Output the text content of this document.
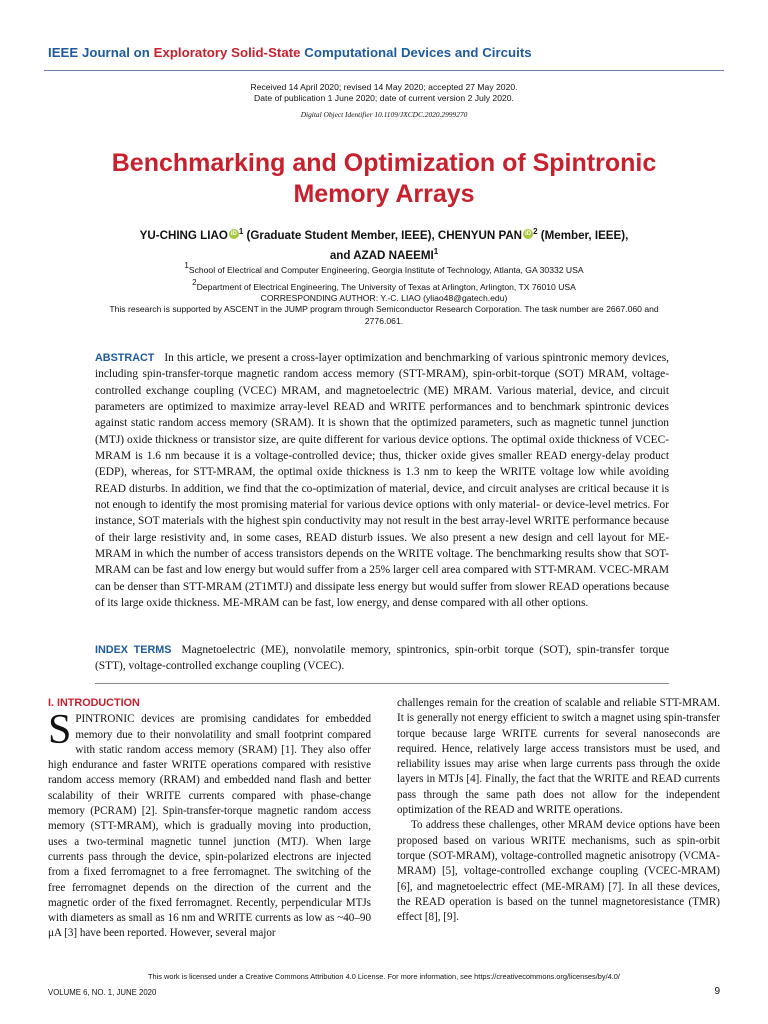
IEEE Journal on Exploratory Solid-State Computational Devices and Circuits
Received 14 April 2020; revised 14 May 2020; accepted 27 May 2020.
Date of publication 1 June 2020; date of current version 2 July 2020.
Digital Object Identifier 10.1109/JXCDC.2020.2999270
Benchmarking and Optimization of Spintronic Memory Arrays
YU-CHING LIAO iD $^1$ (Graduate Student Member, IEEE), CHENYUN PAN iD $^2$ (Member, IEEE),
and AZAD NAEEMI$^1$
1School of Electrical and Computer Engineering, Georgia Institute of Technology, Atlanta, GA 30332 USA
2Department of Electrical Engineering, The University of Texas at Arlington, Arlington, TX 76010 USA
CORRESPONDING AUTHOR: Y.-C. LIAO (yliao48@gatech.edu)
This research is supported by ASCENT in the JUMP program through Semiconductor Research Corporation. The task number are 2667.060 and 2776.061.
ABSTRACT In this article, we present a cross-layer optimization and benchmarking of various spintronic memory devices, including spin-transfer-torque magnetic random access memory (STT-MRAM), spin-orbit-torque (SOT) MRAM, voltage-controlled exchange coupling (VCEC) MRAM, and magnetoelectric (ME) MRAM. Various material, device, and circuit parameters are optimized to maximize array-level READ and WRITE performances and to benchmark spintronic devices against static random access memory (SRAM). It is shown that the optimized parameters, such as magnetic tunnel junction (MTJ) oxide thickness or transistor size, are quite different for various device options. The optimal oxide thickness of VCEC-MRAM is 1.6 nm because it is a voltage-controlled device; thus, thicker oxide gives smaller READ energy-delay product (EDP), whereas, for STT-MRAM, the optimal oxide thickness is 1.3 nm to keep the WRITE voltage low while avoiding READ disturbs. In addition, we find that the co-optimization of material, device, and circuit analyses are critical because it is not enough to identify the most promising material for various device options with only material- or device-level metrics. For instance, SOT materials with the highest spin conductivity may not result in the best array-level WRITE performance because of their large resistivity and, in some cases, READ disturb issues. We also present a new design and cell layout for ME-MRAM in which the number of access transistors depends on the WRITE voltage. The benchmarking results show that SOT-MRAM can be fast and low energy but would suffer from a 25% larger cell area compared with STT-MRAM. VCEC-MRAM can be denser than STT-MRAM (2T1MTJ) and dissipate less energy but would suffer from slower READ operations because of its large oxide thickness. ME-MRAM can be fast, low energy, and dense compared with all other options.
INDEX TERMS Magnetoelectric (ME), nonvolatile memory, spintronics, spin-orbit torque (SOT), spin-transfer torque (STT), voltage-controlled exchange coupling (VCEC).
I. INTRODUCTION
S PINTRONIC devices are promising candidates for embedded memory due to their nonvolatility and small footprint compared with static random access memory (SRAM) [1]. They also offer high endurance and faster WRITE operations compared with resistive random access memory (RRAM) and embedded nand flash and better scalability of their WRITE currents compared with phase-change memory (PCRAM) [2]. Spin-transfer-torque magnetic random access memory (STT-MRAM), which is gradually moving into production, uses a two-terminal magnetic tunnel junction (MTJ). When large currents pass through the device, spin-polarized electrons are injected from a fixed ferromagnet to a free ferromagnet. The switching of the free ferromagnet depends on the direction of the current and the magnetic order of the fixed ferromagnet. Recently, perpendicular MTJs with diameters as small as 16 nm and WRITE currents as low as ~40–90 μA [3] have been reported. However, several major

challenges remain for the creation of scalable and reliable STT-MRAM. It is generally not energy efficient to switch a magnet using spin-transfer torque because large WRITE currents for several nanoseconds are required. Hence, relatively large access transistors must be used, and reliability issues may arise when large currents pass through the oxide layers in MTJs [4]. Finally, the fact that the WRITE and READ currents pass through the same path does not allow for the independent optimization of the READ and WRITE operations.

To address these challenges, other MRAM device options have been proposed based on various WRITE mechanisms, such as spin-orbit torque (SOT-MRAM), voltage-controlled magnetic anisotropy (VCMA-MRAM) [5], voltage-controlled exchange coupling (VCEC-MRAM) [6], and magnetoelectric effect (ME-MRAM) [7]. In all these devices, the READ operation is based on the tunnel magnetoresistance (TMR) effect [8], [9].

This work is licensed under a Creative Commons Attribution 4.0 License. For more information, see https://creativecommons.org/licenses/by/4.0/
VOLUME 6, NO. 1, JUNE 2020	9
